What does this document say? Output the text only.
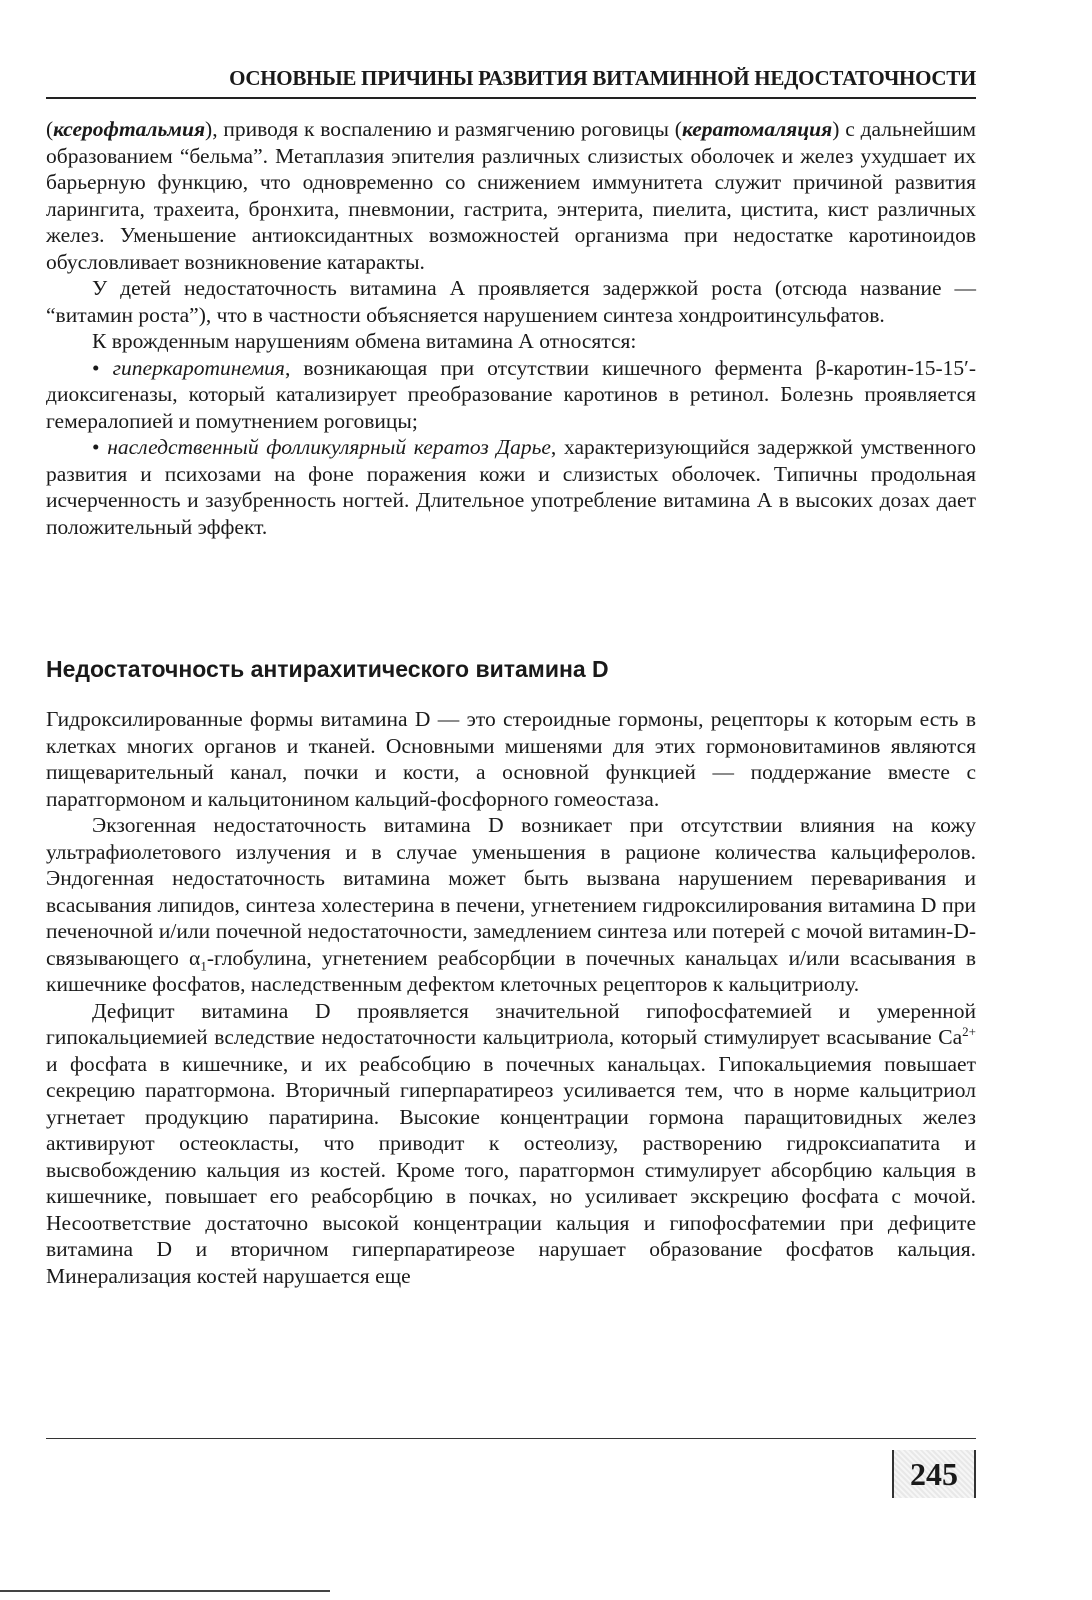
ОСНОВНЫЕ ПРИЧИНЫ РАЗВИТИЯ ВИТАМИННОЙ НЕДОСТАТОЧНОСТИ

(ксерофтальмия), приводя к воспалению и размягчению роговицы (кератомаляция) с дальнейшим образованием “бельма”. Метаплазия эпителия различных слизистых оболочек и желез ухудшает их барьерную функцию, что одновременно со снижением иммунитета служит причиной развития ларингита, трахеита, бронхита, пневмонии, гастрита, энтерита, пиелита, цистита, кист различных желез. Уменьшение антиоксидантных возможностей организма при недостатке каротиноидов обусловливает возникновение катаракты.

У детей недостаточность витамина А проявляется задержкой роста (отсюда название — “витамин роста”), что в частности объясняется нарушением синтеза хондроитинсульфатов.

К врожденным нарушениям обмена витамина А относятся:

• гиперкаротинемия, возникающая при отсутствии кишечного фермента β-каротин-15-15′-диоксигеназы, который катализирует преобразование каротинов в ретинол. Болезнь проявляется гемералопией и помутнением роговицы;

• наследственный фолликулярный кератоз Дарье, характеризующийся задержкой умственного развития и психозами на фоне поражения кожи и слизистых оболочек. Типичны продольная исчерченность и зазубренность ногтей. Длительное употребление витамина А в высоких дозах дает положительный эффект.

Недостаточность антирахитического витамина D

Гидроксилированные формы витамина D — это стероидные гормоны, рецепторы к которым есть в клетках многих органов и тканей. Основными мишенями для этих гормоновитаминов являются пищеварительный канал, почки и кости, а основной функцией — поддержание вместе с паратгормоном и кальцитонином кальций-фосфорного гомеостаза.

Экзогенная недостаточность витамина D возникает при отсутствии влияния на кожу ультрафиолетового излучения и в случае уменьшения в рационе количества кальциферолов. Эндогенная недостаточность витамина может быть вызвана нарушением переваривания и всасывания липидов, синтеза холестерина в печени, угнетением гидроксилирования витамина D при печеночной и/или почечной недостаточности, замедлением синтеза или потерей с мочой витамин-D-связывающего $\alpha_1$-глобулина, угнетением реабсорбции в почечных канальцах и/или всасывания в кишечнике фосфатов, наследственным дефектом клеточных рецепторов к кальцитриолу.

Дефицит витамина D проявляется значительной гипофосфатемией и умеренной гипокальциемией вследствие недостаточности кальцитриола, который стимулирует всасывание $Ca^{2+}$ и фосфата в кишечнике, и их реабсобцию в почечных канальцах. Гипокальциемия повышает секрецию паратгормона. Вторичный гиперпаратиреоз усиливается тем, что в норме кальцитриол угнетает продукцию паратирина. Высокие концентрации гормона паращитовидных желез активируют остеокласты, что приводит к остеолизу, растворению гидроксиапатита и высвобождению кальция из костей. Кроме того, паратгормон стимулирует абсорбцию кальция в кишечнике, повышает его реабсорбцию в почках, но усиливает экскрецию фосфата с мочой. Несоответствие достаточно высокой концентрации кальция и гипофосфатемии при дефиците витамина D и вторичном гиперпаратиреозе нарушает образование фосфатов кальция. Минерализация костей нарушается еще

245
